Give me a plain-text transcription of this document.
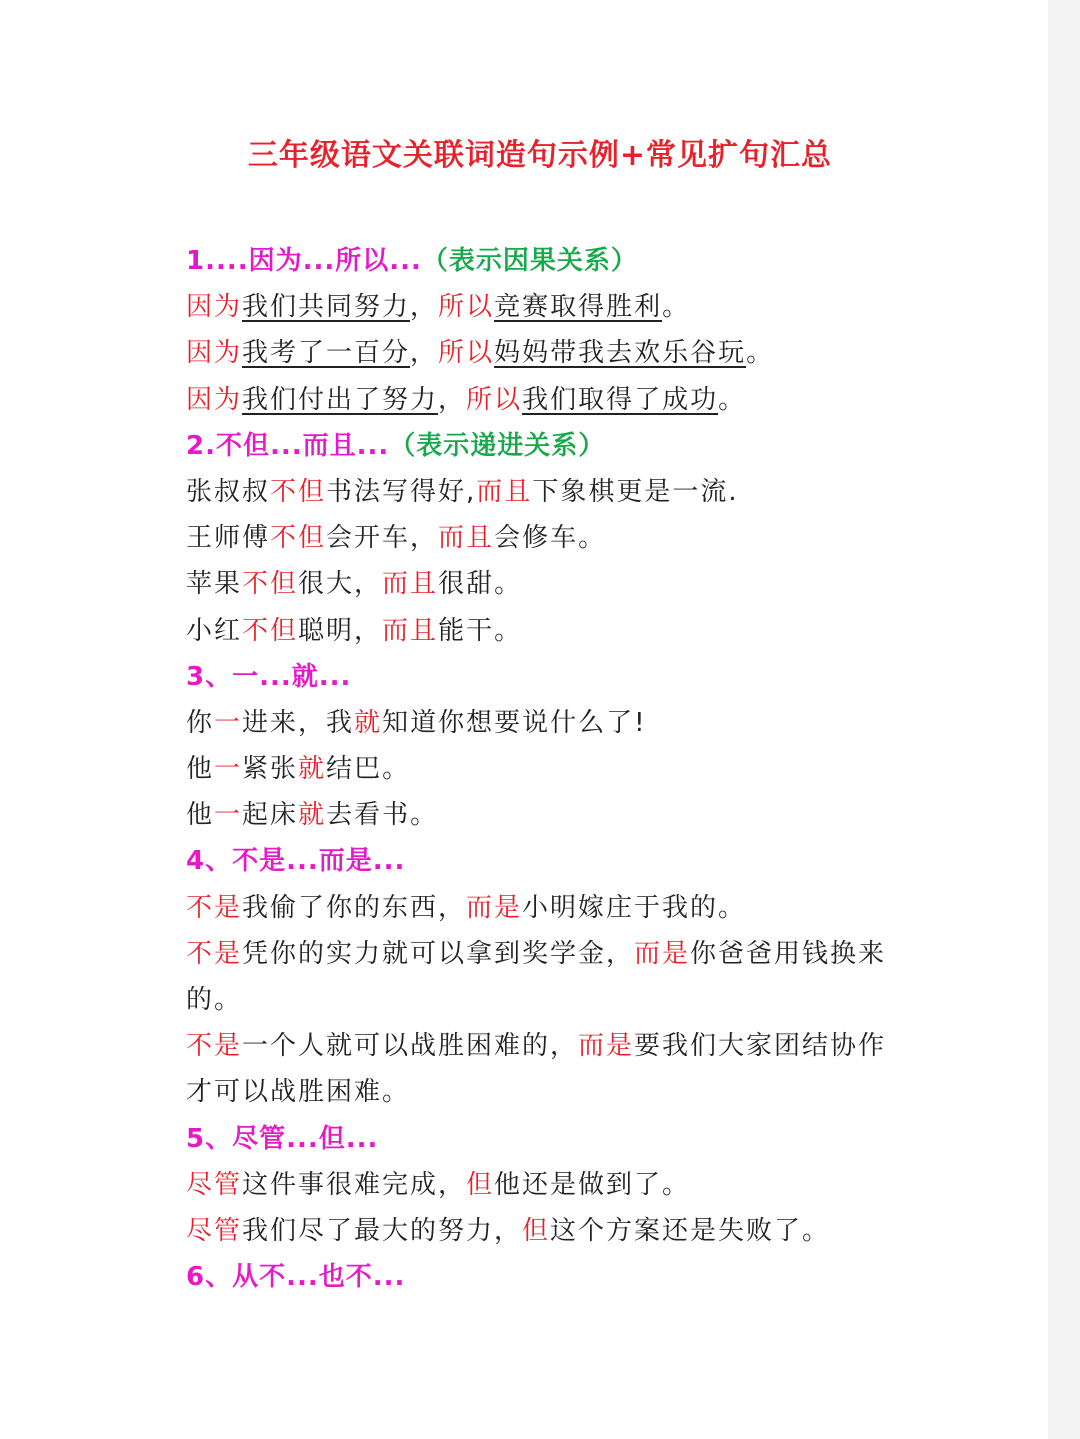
三年级语文关联词造句示例+常见扩句汇总
1....因为...所以...（表示因果关系）
因为我们共同努力，所以竞赛取得胜利。
因为我考了一百分，所以妈妈带我去欢乐谷玩。
因为我们付出了努力，所以我们取得了成功。
2.不但...而且...（表示递进关系）
张叔叔不但书法写得好,而且下象棋更是一流.
王师傅不但会开车，而且会修车。
苹果不但很大，而且很甜。
小红不但聪明，而且能干。
3、一...就...
你一进来，我就知道你想要说什么了!
他一紧张就结巴。
他一起床就去看书。
4、不是...而是...
不是我偷了你的东西，而是小明嫁庄于我的。
不是凭你的实力就可以拿到奖学金，而是你爸爸用钱换来的。
不是一个人就可以战胜困难的，而是要我们大家团结协作才可以战胜困难。
5、尽管...但...
尽管这件事很难完成，但他还是做到了。
尽管我们尽了最大的努力，但这个方案还是失败了。
6、从不...也不...
